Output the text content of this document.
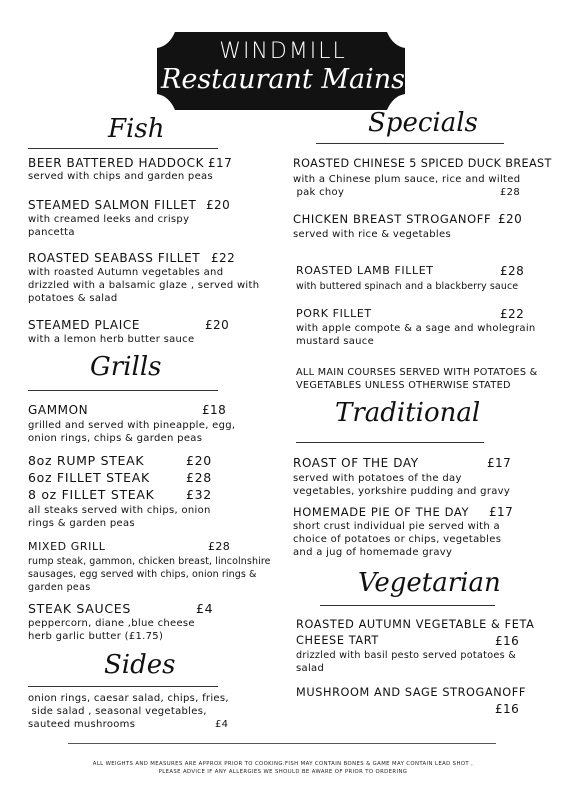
WINDMILL
Restaurant Mains
Fish
BEER BATTERED HADDOCK £17
served with chips and garden peas
STEAMED SALMON FILLET £20
with creamed leeks and crispy
pancetta
ROASTED SEABASS FILLET £22
with roasted Autumn vegetables and
drizzled with a balsamic glaze , served with
potatoes & salad
STEAMED PLAICE	£20
with a lemon herb butter sauce
Grills
GAMMON	£18
grilled and served with pineapple, egg,
onion rings, chips & garden peas
8oz RUMP STEAK	£20
6oz FILLET STEAK	£28
8 oz FILLET STEAK	£32
all steaks served with chips, onion
rings & garden peas
MIXED GRILL	£28
rump steak, gammon, chicken breast, lincolnshire
sausages, egg served with chips, onion rings &
garden peas
STEAK SAUCES	£4
peppercorn, diane ,blue cheese
herb garlic butter (£1.75)
Sides
onion rings, caesar salad, chips, fries,
side salad , seasonal vegetables,
sauteed mushrooms	£4
Specials
ROASTED CHINESE 5 SPICED DUCK BREAST
with a Chinese plum sauce, rice and wilted
pak choy	£28
CHICKEN BREAST STROGANOFF £20
served with rice & vegetables
ROASTED LAMB FILLET	£28
with buttered spinach and a blackberry sauce
PORK FILLET	£22
with apple compote & a sage and wholegrain
mustard sauce
ALL MAIN COURSES SERVED WITH POTATOES &
VEGETABLES UNLESS OTHERWISE STATED
Traditional
ROAST OF THE DAY	£17
served with potatoes of the day
vegetables, yorkshire pudding and gravy
HOMEMADE PIE OF THE DAY £17
short crust individual pie served with a
choice of potatoes or chips, vegetables
and a jug of homemade gravy
Vegetarian
ROASTED AUTUMN VEGETABLE & FETA
CHEESE TART	£16
drizzled with basil pesto served potatoes &
salad
MUSHROOM AND SAGE STROGANOFF
£16
ALL WEIGHTS AND MEASURES ARE APPROX PRIOR TO COOKING.FISH MAY CONTAIN BONES & GAME MAY CONTAIN LEAD SHOT ,
PLEASE ADVICE IF ANY ALLERGIES WE SHOULD BE AWARE OF PRIOR TO ORDERING
